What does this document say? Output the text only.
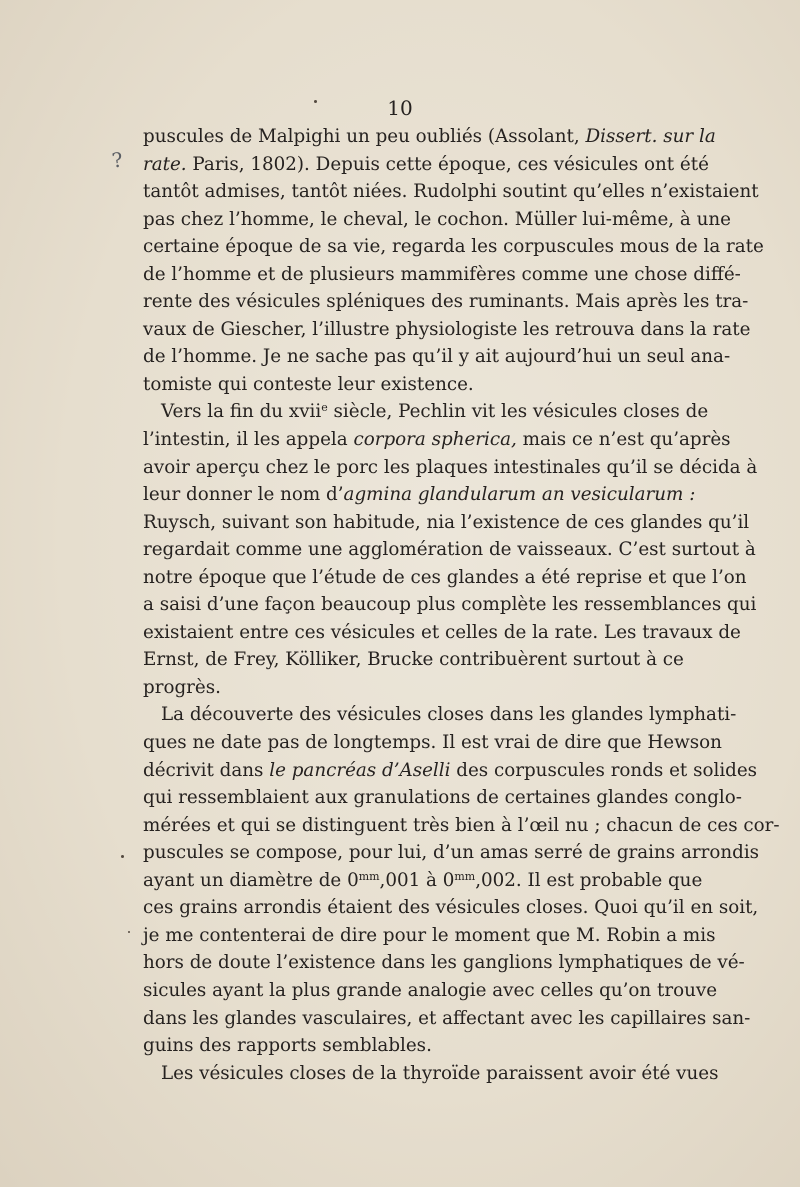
10
?
puscules de Malpighi un peu oubliés (Assolant, Dissert. sur la
rate. Paris, 1802). Depuis cette époque, ces vésicules ont été
tantôt admises, tantôt niées. Rudolphi soutint qu’elles n’existaient
pas chez l’homme, le cheval, le cochon. Müller lui-même, à une
certaine époque de sa vie, regarda les corpuscules mous de la rate
de l’homme et de plusieurs mammifères comme une chose diffé-
rente des vésicules spléniques des ruminants. Mais après les tra-
vaux de Giescher, l’illustre physiologiste les retrouva dans la rate
de l’homme. Je ne sache pas qu’il y ait aujourd’hui un seul ana-
tomiste qui conteste leur existence.
Vers la fin du xvii$^e$ siècle, Pechlin vit les vésicules closes de
l’intestin, il les appela corpora spherica, mais ce n’est qu’après
avoir aperçu chez le porc les plaques intestinales qu’il se décida à
leur donner le nom d’agmina glandularum an vesicularum :
Ruysch, suivant son habitude, nia l’existence de ces glandes qu’il
regardait comme une agglomération de vaisseaux. C’est surtout à
notre époque que l’étude de ces glandes a été reprise et que l’on
a saisi d’une façon beaucoup plus complète les ressemblances qui
existaient entre ces vésicules et celles de la rate. Les travaux de
Ernst, de Frey, Kölliker, Brucke contribuèrent surtout à ce
progrès.
La découverte des vésicules closes dans les glandes lymphati-
ques ne date pas de longtemps. Il est vrai de dire que Hewson
décrivit dans le pancréas d’Aselli des corpuscules ronds et solides
qui ressemblaient aux granulations de certaines glandes conglo-
mérées et qui se distinguent très bien à l’œil nu ; chacun de ces cor-
puscules se compose, pour lui, d’un amas serré de grains arrondis
ayant un diamètre de $0^{mm},001$ à $0^{mm},002$. Il est probable que
ces grains arrondis étaient des vésicules closes. Quoi qu’il en soit,
je me contenterai de dire pour le moment que M. Robin a mis
hors de doute l’existence dans les ganglions lymphatiques de vé-
sicules ayant la plus grande analogie avec celles qu’on trouve
dans les glandes vasculaires, et affectant avec les capillaires san-
guins des rapports semblables.
Les vésicules closes de la thyroïde paraissent avoir été vues
